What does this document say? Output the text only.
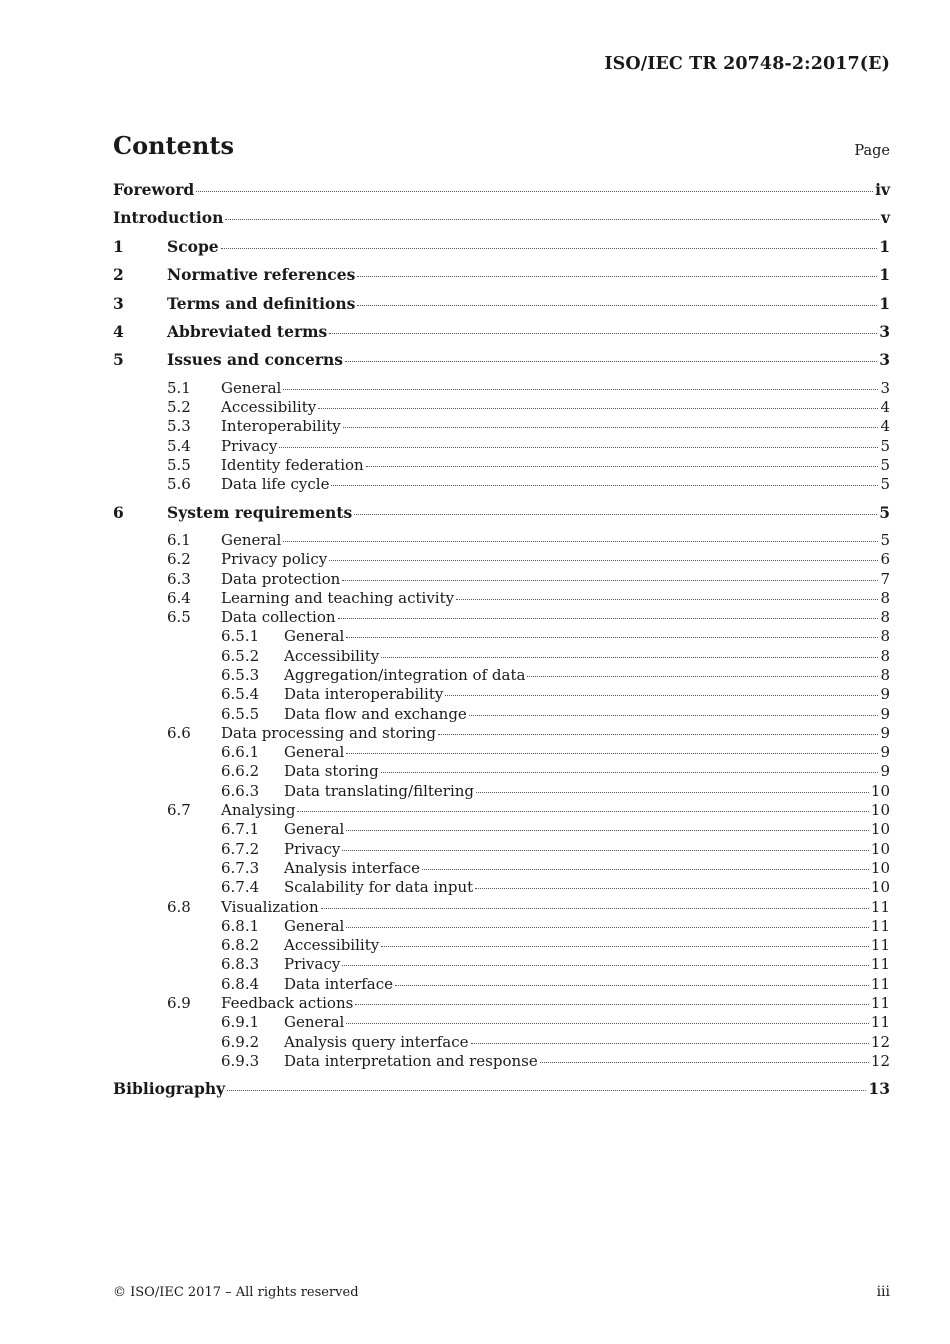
ISO/IEC TR 20748-2:2017(E)
Contents	Page
Foreword	iv
Introduction	v
1	Scope	1
2	Normative references	1
3	Terms and definitions	1
4	Abbreviated terms	3
5	Issues and concerns	3
5.1	General	3
5.2	Accessibility	4
5.3	Interoperability	4
5.4	Privacy	5
5.5	Identity federation	5
5.6	Data life cycle	5
6	System requirements	5
6.1	General	5
6.2	Privacy policy	6
6.3	Data protection	7
6.4	Learning and teaching activity	8
6.5	Data collection	8
6.5.1	General	8
6.5.2	Accessibility	8
6.5.3	Aggregation/integration of data	8
6.5.4	Data interoperability	9
6.5.5	Data flow and exchange	9
6.6	Data processing and storing	9
6.6.1	General	9
6.6.2	Data storing	9
6.6.3	Data translating/filtering	10
6.7	Analysing	10
6.7.1	General	10
6.7.2	Privacy	10
6.7.3	Analysis interface	10
6.7.4	Scalability for data input	10
6.8	Visualization	11
6.8.1	General	11
6.8.2	Accessibility	11
6.8.3	Privacy	11
6.8.4	Data interface	11
6.9	Feedback actions	11
6.9.1	General	11
6.9.2	Analysis query interface	12
6.9.3	Data interpretation and response	12
Bibliography	13
© ISO/IEC 2017 – All rights reserved	iii
